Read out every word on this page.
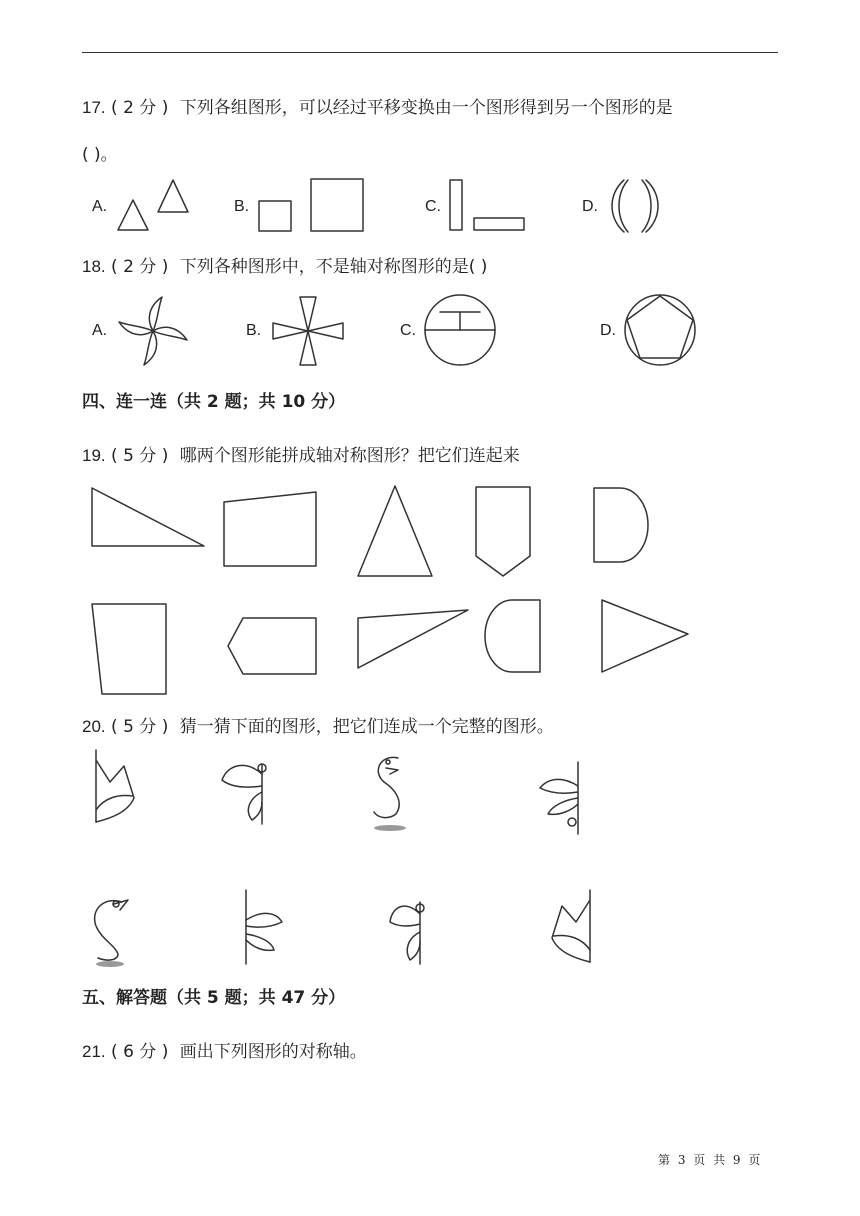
17. ( 2 分 ) 下列各组图形，可以经过平移变换由一个图形得到另一个图形的是
( )。
A.	B.	C.	D.
18. ( 2 分 ) 下列各种图形中，不是轴对称图形的是( )
A.	B.	C.	D.
四、连一连（共 2 题；共 10 分）
19. ( 5 分 ) 哪两个图形能拼成轴对称图形？把它们连起来
20. ( 5 分 ) 猜一猜下面的图形，把它们连成一个完整的图形。
五、解答题（共 5 题；共 47 分）
21. ( 6 分 ) 画出下列图形的对称轴。
第 3 页 共 9 页
